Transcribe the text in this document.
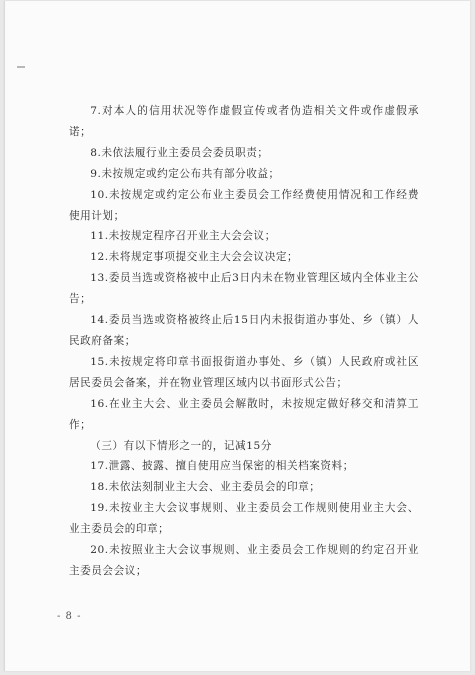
7.对本人的信用状况等作虚假宣传或者伪造相关文件或作虚假承诺；

8.未依法履行业主委员会委员职责；

9.未按规定或约定公布共有部分收益；

10.未按规定或约定公布业主委员会工作经费使用情况和工作经费使用计划；

11.未按规定程序召开业主大会会议；

12.未将规定事项提交业主大会会议决定；

13.委员当选或资格被中止后3日内未在物业管理区域内全体业主公告；

14.委员当选或资格被终止后15日内未报街道办事处、乡（镇）人民政府备案；

15.未按规定将印章书面报街道办事处、乡（镇）人民政府或社区居民委员会备案，并在物业管理区域内以书面形式公告；

16.在业主大会、业主委员会解散时，未按规定做好移交和清算工作；

（三）有以下情形之一的，记减15分

17.泄露、披露、擅自使用应当保密的相关档案资料；

18.未依法刻制业主大会、业主委员会的印章；

19.未按业主大会议事规则、业主委员会工作规则使用业主大会、业主委员会的印章；

20.未按照业主大会议事规则、业主委员会工作规则的约定召开业主委员会会议；

- 8 -
